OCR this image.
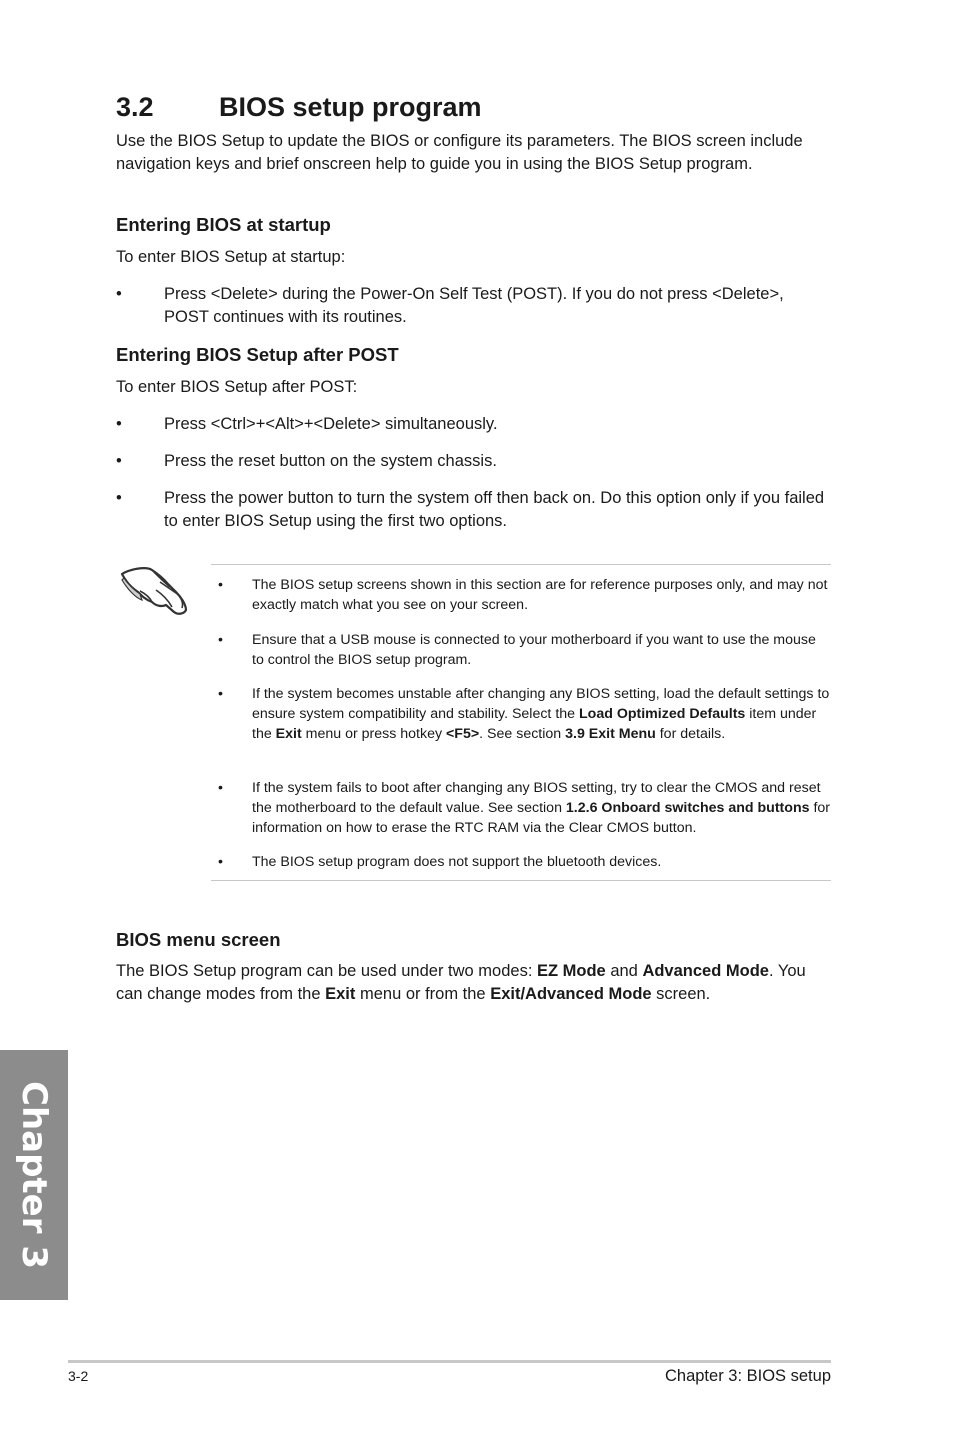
3.2 BIOS setup program

Use the BIOS Setup to update the BIOS or configure its parameters. The BIOS screen include navigation keys and brief onscreen help to guide you in using the BIOS Setup program.

Entering BIOS at startup

To enter BIOS Setup at startup:

•	Press <Delete> during the Power-On Self Test (POST). If you do not press <Delete>, POST continues with its routines.
Entering BIOS Setup after POST

To enter BIOS Setup after POST:

•	Press <Ctrl>+<Alt>+<Delete> simultaneously.
•	Press the reset button on the system chassis.
•	Press the power button to turn the system off then back on. Do this option only if you failed to enter BIOS Setup using the first two options.
• The BIOS setup screens shown in this section are for reference purposes only, and may not exactly match what you see on your screen.
• Ensure that a USB mouse is connected to your motherboard if you want to use the mouse to control the BIOS setup program.
• If the system becomes unstable after changing any BIOS setting, load the default settings to ensure system compatibility and stability. Select the Load Optimized Defaults item under the Exit menu or press hotkey <F5>. See section 3.9 Exit Menu for details.
• If the system fails to boot after changing any BIOS setting, try to clear the CMOS and reset the motherboard to the default value. See section 1.2.6 Onboard switches and buttons for information on how to erase the RTC RAM via the Clear CMOS button.
• The BIOS setup program does not support the bluetooth devices.
BIOS menu screen

The BIOS Setup program can be used under two modes: EZ Mode and Advanced Mode. You can change modes from the Exit menu or from the Exit/Advanced Mode screen.

Chapter 3
3-2	Chapter 3: BIOS setup
